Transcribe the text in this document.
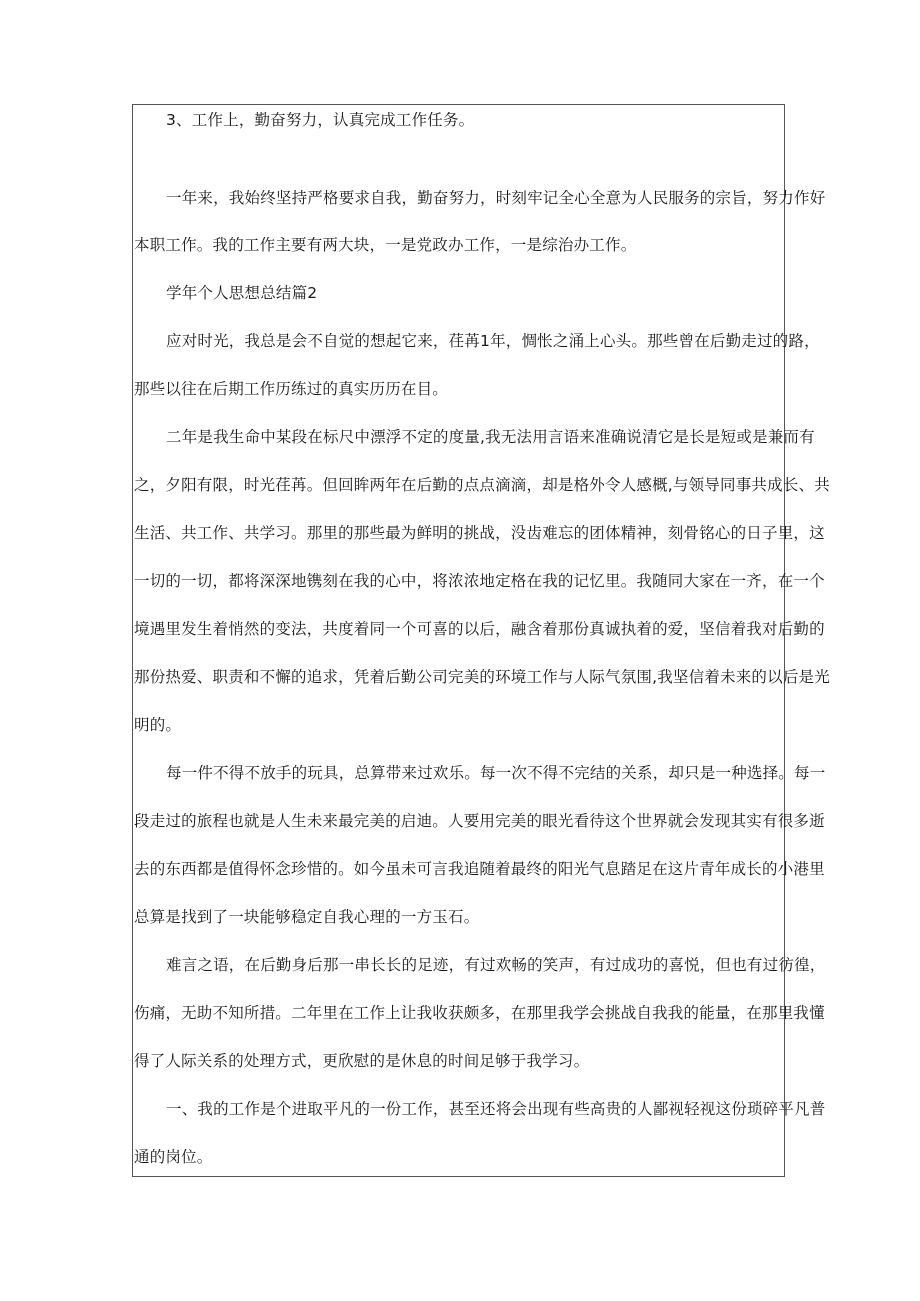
3、工作上，勤奋努力，认真完成工作任务。
一年来，我始终坚持严格要求自我，勤奋努力，时刻牢记全心全意为人民服务的宗旨，努力作好
本职工作。我的工作主要有两大块，一是党政办工作，一是综治办工作。
学年个人思想总结篇2
应对时光，我总是会不自觉的想起它来，荏苒1年，惆怅之涌上心头。那些曾在后勤走过的路，
那些以往在后期工作历练过的真实历历在目。
二年是我生命中某段在标尺中漂浮不定的度量,我无法用言语来准确说清它是长是短或是兼而有
之，夕阳有限，时光荏苒。但回眸两年在后勤的点点滴滴，却是格外令人感概,与领导同事共成长、共
生活、共工作、共学习。那里的那些最为鲜明的挑战，没齿难忘的团体精神，刻骨铭心的日子里，这
一切的一切，都将深深地镌刻在我的心中，将浓浓地定格在我的记忆里。我随同大家在一齐，在一个
境遇里发生着悄然的变法，共度着同一个可喜的以后，融含着那份真诚执着的爱，坚信着我对后勤的
那份热爱、职责和不懈的追求，凭着后勤公司完美的环境工作与人际气氛围,我坚信着未来的以后是光
明的。
每一件不得不放手的玩具，总算带来过欢乐。每一次不得不完结的关系，却只是一种选择。每一
段走过的旅程也就是人生未来最完美的启迪。人要用完美的眼光看待这个世界就会发现其实有很多逝
去的东西都是值得怀念珍惜的。如今虽未可言我追随着最终的阳光气息踏足在这片青年成长的小港里
总算是找到了一块能够稳定自我心理的一方玉石。
难言之语，在后勤身后那一串长长的足迹，有过欢畅的笑声，有过成功的喜悦，但也有过彷徨，
伤痛，无助不知所措。二年里在工作上让我收获颇多，在那里我学会挑战自我我的能量，在那里我懂
得了人际关系的处理方式，更欣慰的是休息的时间足够于我学习。
一、我的工作是个进取平凡的一份工作，甚至还将会出现有些高贵的人鄙视轻视这份琐碎平凡普
通的岗位。
